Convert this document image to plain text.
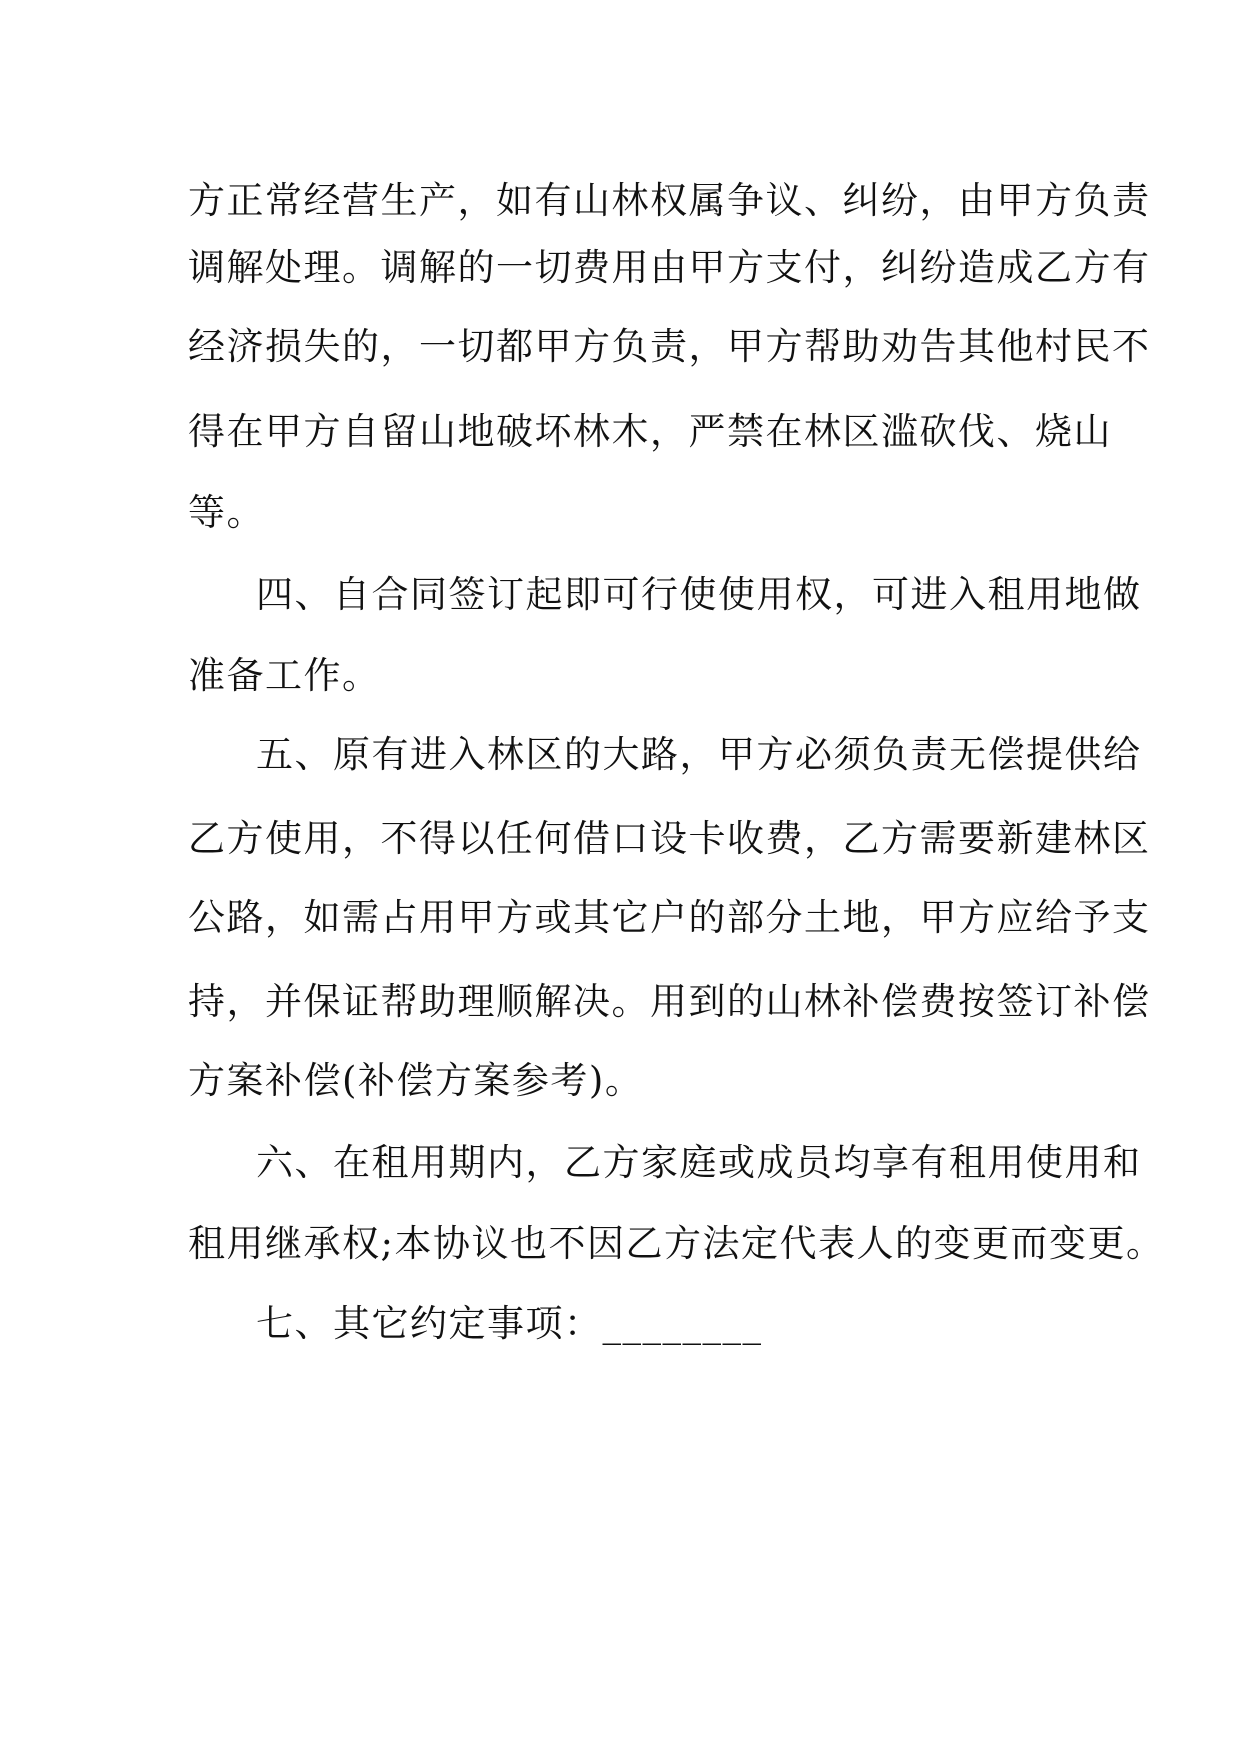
方正常经营生产，如有山林权属争议、纠纷，由甲方负责
调解处理。调解的一切费用由甲方支付，纠纷造成乙方有
经济损失的，一切都甲方负责，甲方帮助劝告其他村民不
得在甲方自留山地破坏林木，严禁在林区滥砍伐、烧山
等。
四、自合同签订起即可行使使用权，可进入租用地做
准备工作。
五、原有进入林区的大路，甲方必须负责无偿提供给
乙方使用，不得以任何借口设卡收费，乙方需要新建林区
公路，如需占用甲方或其它户的部分土地，甲方应给予支
持，并保证帮助理顺解决。用到的山林补偿费按签订补偿
方案补偿(补偿方案参考)。
六、在租用期内，乙方家庭或成员均享有租用使用和
租用继承权;本协议也不因乙方法定代表人的变更而变更。
七、其它约定事项：________
